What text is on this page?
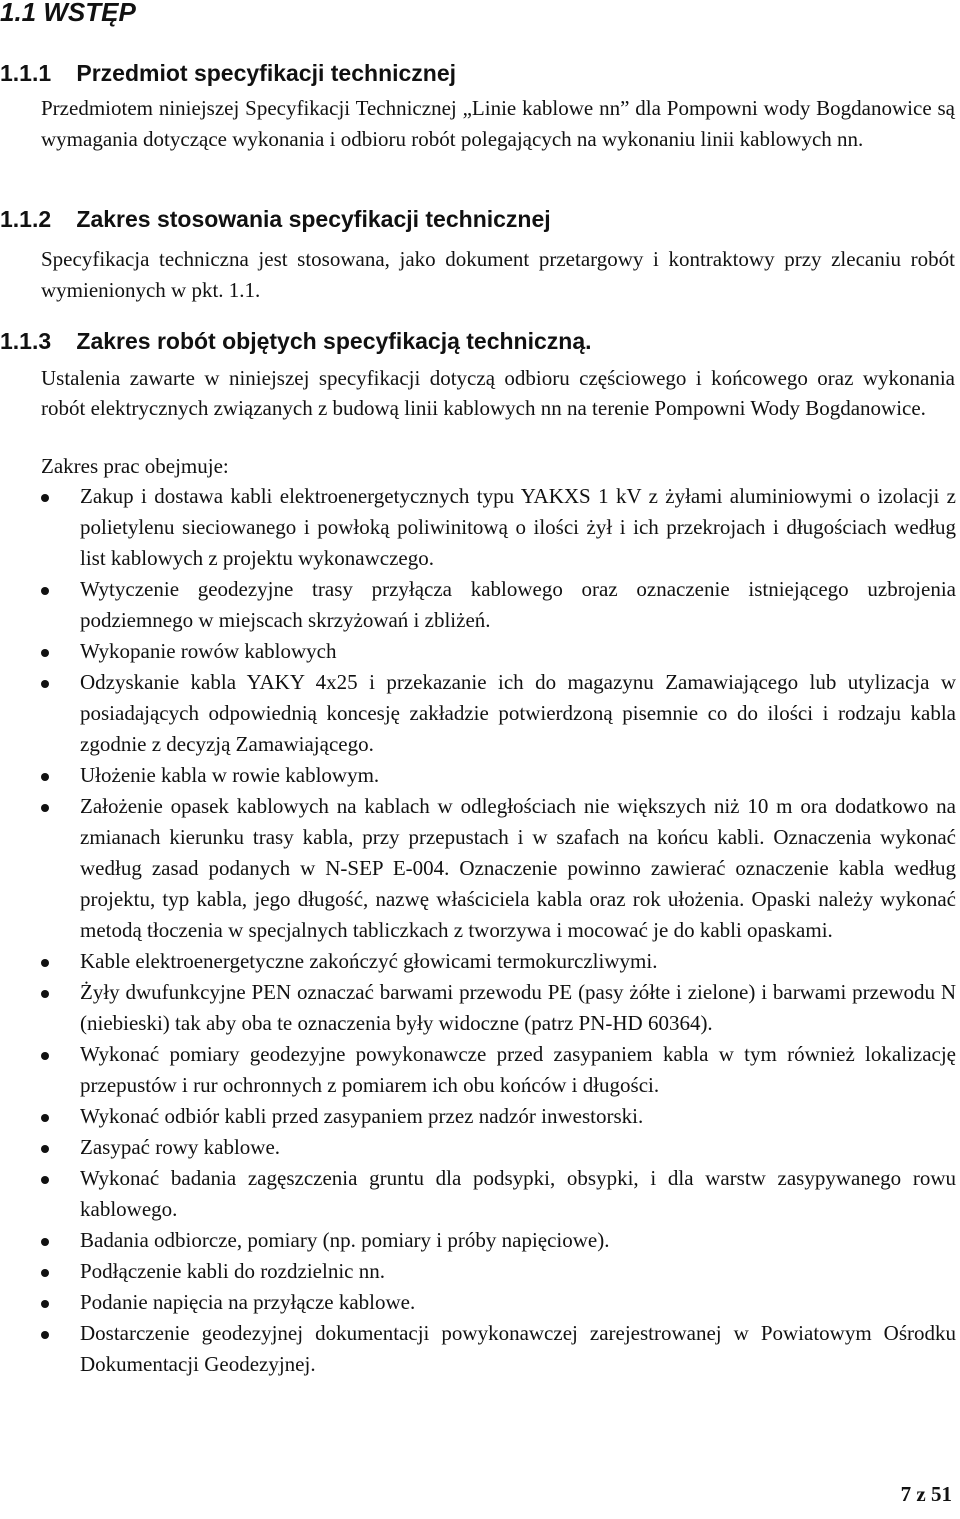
1.1 WSTĘP
1.1.1 Przedmiot specyfikacji technicznej

Przedmiotem niniejszej Specyfikacji Technicznej „Linie kablowe nn” dla Pompowni wody Bogdanowice są wymagania dotyczące wykonania i odbioru robót polegających na wykonaniu linii kablowych nn.

1.1.2 Zakres stosowania specyfikacji technicznej

Specyfikacja techniczna jest stosowana, jako dokument przetargowy i kontraktowy przy zlecaniu robót wymienionych w pkt. 1.1.

1.1.3 Zakres robót objętych specyfikacją techniczną.

Ustalenia zawarte w niniejszej specyfikacji dotyczą odbioru częściowego i końcowego oraz wykonania robót elektrycznych związanych z budową linii kablowych nn na terenie Pompowni Wody Bogdanowice.

Zakres prac obejmuje:

Zakup i dostawa kabli elektroenergetycznych typu YAKXS 1 kV z żyłami aluminiowymi o izolacji z polietylenu sieciowanego i powłoką poliwinitową o ilości żył i ich przekrojach i długościach według list kablowych z projektu wykonawczego.
Wytyczenie geodezyjne trasy przyłącza kablowego oraz oznaczenie istniejącego uzbrojenia podziemnego w miejscach skrzyżowań i zbliżeń.
Wykopanie rowów kablowych
Odzyskanie kabla YAKY 4x25 i przekazanie ich do magazynu Zamawiającego lub utylizacja w posiadających odpowiednią koncesję zakładzie potwierdzoną pisemnie co do ilości i rodzaju kabla zgodnie z decyzją Zamawiającego.
Ułożenie kabla w rowie kablowym.
Założenie opasek kablowych na kablach w odległościach nie większych niż 10 m ora dodatkowo na zmianach kierunku trasy kabla, przy przepustach i w szafach na końcu kabli. Oznaczenia wykonać według zasad podanych w N-SEP E-004. Oznaczenie powinno zawierać oznaczenie kabla według projektu, typ kabla, jego długość, nazwę właściciela kabla oraz rok ułożenia. Opaski należy wykonać metodą tłoczenia w specjalnych tabliczkach z tworzywa i mocować je do kabli opaskami.
Kable elektroenergetyczne zakończyć głowicami termokurczliwymi.
Żyły dwufunkcyjne PEN oznaczać barwami przewodu PE (pasy żółte i zielone) i barwami przewodu N (niebieski) tak aby oba te oznaczenia były widoczne (patrz PN-HD 60364).
Wykonać pomiary geodezyjne powykonawcze przed zasypaniem kabla w tym również lokalizację przepustów i rur ochronnych z pomiarem ich obu końców i długości.
Wykonać odbiór kabli przed zasypaniem przez nadzór inwestorski.
Zasypać rowy kablowe.
Wykonać badania zagęszczenia gruntu dla podsypki, obsypki, i dla warstw zasypywanego rowu kablowego.
Badania odbiorcze, pomiary (np. pomiary i próby napięciowe).
Podłączenie kabli do rozdzielnic nn.
Podanie napięcia na przyłącze kablowe.
Dostarczenie geodezyjnej dokumentacji powykonawczej zarejestrowanej w Powiatowym Ośrodku Dokumentacji Geodezyjnej.
7 z 51
